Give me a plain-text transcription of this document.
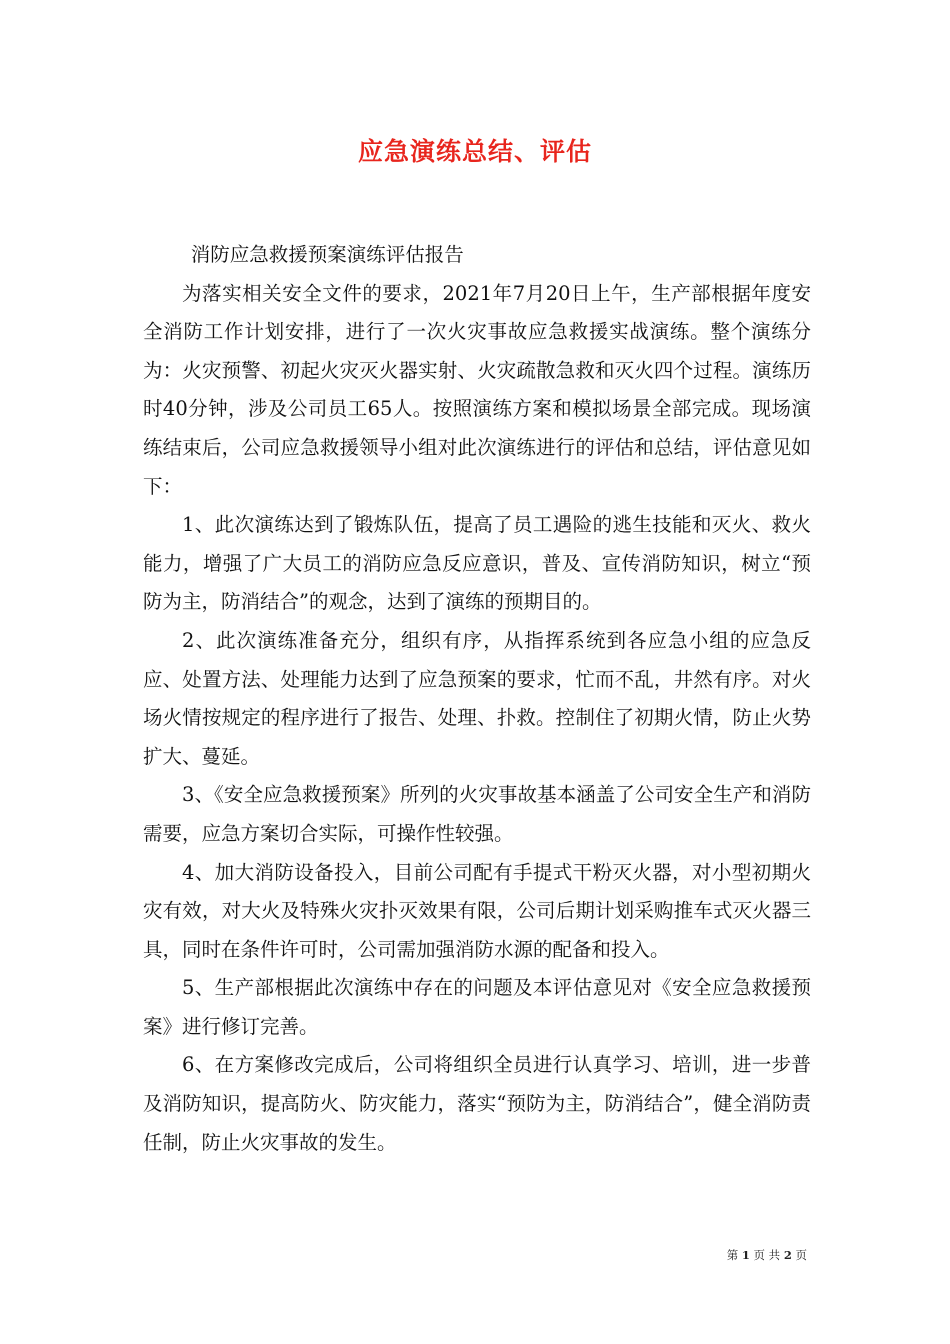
应急演练总结、评估

消防应急救援预案演练评估报告

为落实相关安全文件的要求，2021年7月20日上午，生产部根据年度安全消防工作计划安排，进行了一次火灾事故应急救援实战演练。整个演练分为：火灾预警、初起火灾灭火器实射、火灾疏散急救和灭火四个过程。演练历时40分钟，涉及公司员工65人。按照演练方案和模拟场景全部完成。现场演练结束后，公司应急救援领导小组对此次演练进行的评估和总结，评估意见如下：

1、此次演练达到了锻炼队伍，提高了员工遇险的逃生技能和灭火、救火能力，增强了广大员工的消防应急反应意识，普及、宣传消防知识，树立“预防为主，防消结合”的观念，达到了演练的预期目的。

2、此次演练准备充分，组织有序，从指挥系统到各应急小组的应急反应、处置方法、处理能力达到了应急预案的要求，忙而不乱，井然有序。对火场火情按规定的程序进行了报告、处理、扑救。控制住了初期火情，防止火势扩大、蔓延。

3、《安全应急救援预案》所列的火灾事故基本涵盖了公司安全生产和消防需要，应急方案切合实际，可操作性较强。

4、加大消防设备投入，目前公司配有手提式干粉灭火器，对小型初期火灾有效，对大火及特殊火灾扑灭效果有限，公司后期计划采购推车式灭火器三具，同时在条件许可时，公司需加强消防水源的配备和投入。

5、生产部根据此次演练中存在的问题及本评估意见对《安全应急救援预案》进行修订完善。

6、在方案修改完成后，公司将组织全员进行认真学习、培训，进一步普及消防知识，提高防火、防灾能力，落实“预防为主，防消结合”，健全消防责任制，防止火灾事故的发生。

第 1 页 共 2 页
